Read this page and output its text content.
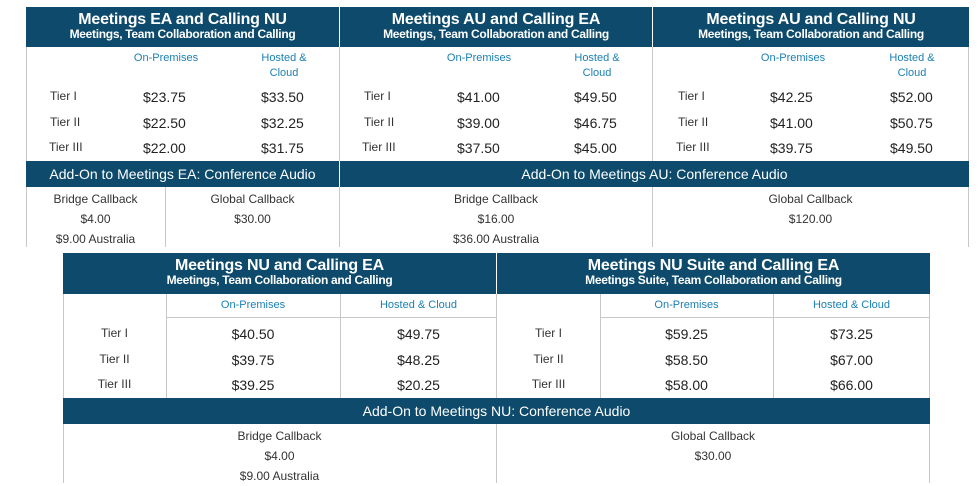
Meetings EA and Calling NU
Meetings, Team Collaboration and Calling
Meetings AU and Calling EA
Meetings, Team Collaboration and Calling
Meetings AU and Calling NU
Meetings, Team Collaboration and Calling
On-Premises	Hosted &
Cloud
Tier I	$23.75	$33.50
Tier II	$22.50	$32.25
Tier III	$22.00	$31.75
On-Premises	Hosted &
Cloud
Tier I	$41.00	$49.50
Tier II	$39.00	$46.75
Tier III	$37.50	$45.00
On-Premises	Hosted &
Cloud
Tier I	$42.25	$52.00
Tier II	$41.00	$50.75
Tier III	$39.75	$49.50
Add-On to Meetings EA: Conference Audio	Add-On to Meetings AU: Conference Audio
Bridge Callback
$4.00
$9.00 Australia
Global Callback
$30.00
Bridge Callback
$16.00
$36.00 Australia
Global Callback
$120.00
Meetings NU and Calling EA
Meetings, Team Collaboration and Calling
Meetings NU Suite and Calling EA
Meetings Suite, Team Collaboration and Calling
On-Premises	Hosted & Cloud
Tier I	$40.50	$49.75
Tier II	$39.75	$48.25
Tier III	$39.25	$20.25
On-Premises	Hosted & Cloud
Tier I	$59.25	$73.25
Tier II	$58.50	$67.00
Tier III	$58.00	$66.00
Add-On to Meetings NU: Conference Audio
Bridge Callback
$4.00
$9.00 Australia
Global Callback
$30.00
